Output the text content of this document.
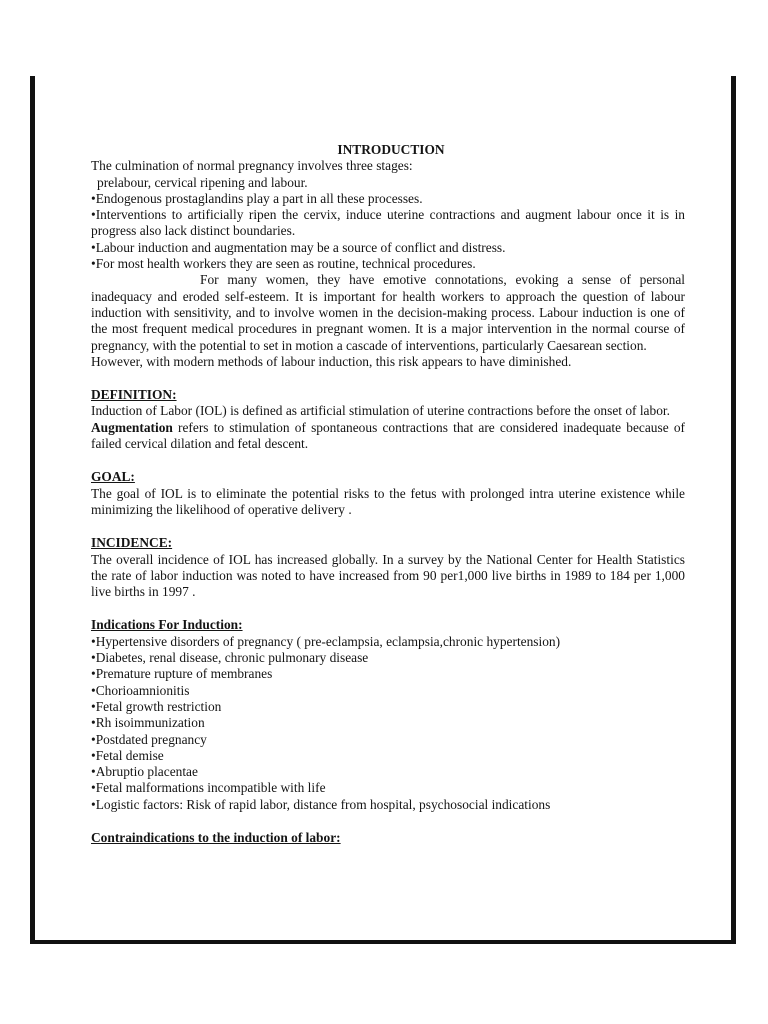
INTRODUCTION

The culmination of normal pregnancy involves three stages:

prelabour, cervical ripening and labour.

•Endogenous prostaglandins play a part in all these processes.

•Interventions to artificially ripen the cervix, induce uterine contractions and augment labour once it is in progress also lack distinct boundaries.

•Labour induction and augmentation may be a source of conflict and distress.

•For most health workers they are seen as routine, technical procedures.

For many women, they have emotive connotations, evoking a sense of personal inadequacy and eroded self-esteem. It is important for health workers to approach the question of labour induction with sensitivity, and to involve women in the decision-making process. Labour induction is one of the most frequent medical procedures in pregnant women. It is a major intervention in the normal course of pregnancy, with the potential to set in motion a cascade of interventions, particularly Caesarean section.

However, with modern methods of labour induction, this risk appears to have diminished.

DEFINITION:

Induction of Labor (IOL) is defined as artificial stimulation of uterine contractions before the onset of labor.

Augmentation refers to stimulation of spontaneous contractions that are considered inadequate because of failed cervical dilation and fetal descent.

GOAL:

The goal of IOL is to eliminate the potential risks to the fetus with prolonged intra uterine existence while minimizing the likelihood of operative delivery .

INCIDENCE:

The overall incidence of IOL has increased globally. In a survey by the National Center for Health Statistics the rate of labor induction was noted to have increased from 90 per1,000 live births in 1989 to 184 per 1,000 live births in 1997 .

Indications For Induction:

•Hypertensive disorders of pregnancy ( pre-eclampsia, eclampsia,chronic hypertension)

•Diabetes, renal disease, chronic pulmonary disease

•Premature rupture of membranes

•Chorioamnionitis

•Fetal growth restriction

•Rh isoimmunization

•Postdated pregnancy

•Fetal demise

•Abruptio placentae

•Fetal malformations incompatible with life

•Logistic factors: Risk of rapid labor, distance from hospital, psychosocial indications

Contraindications to the induction of labor:
